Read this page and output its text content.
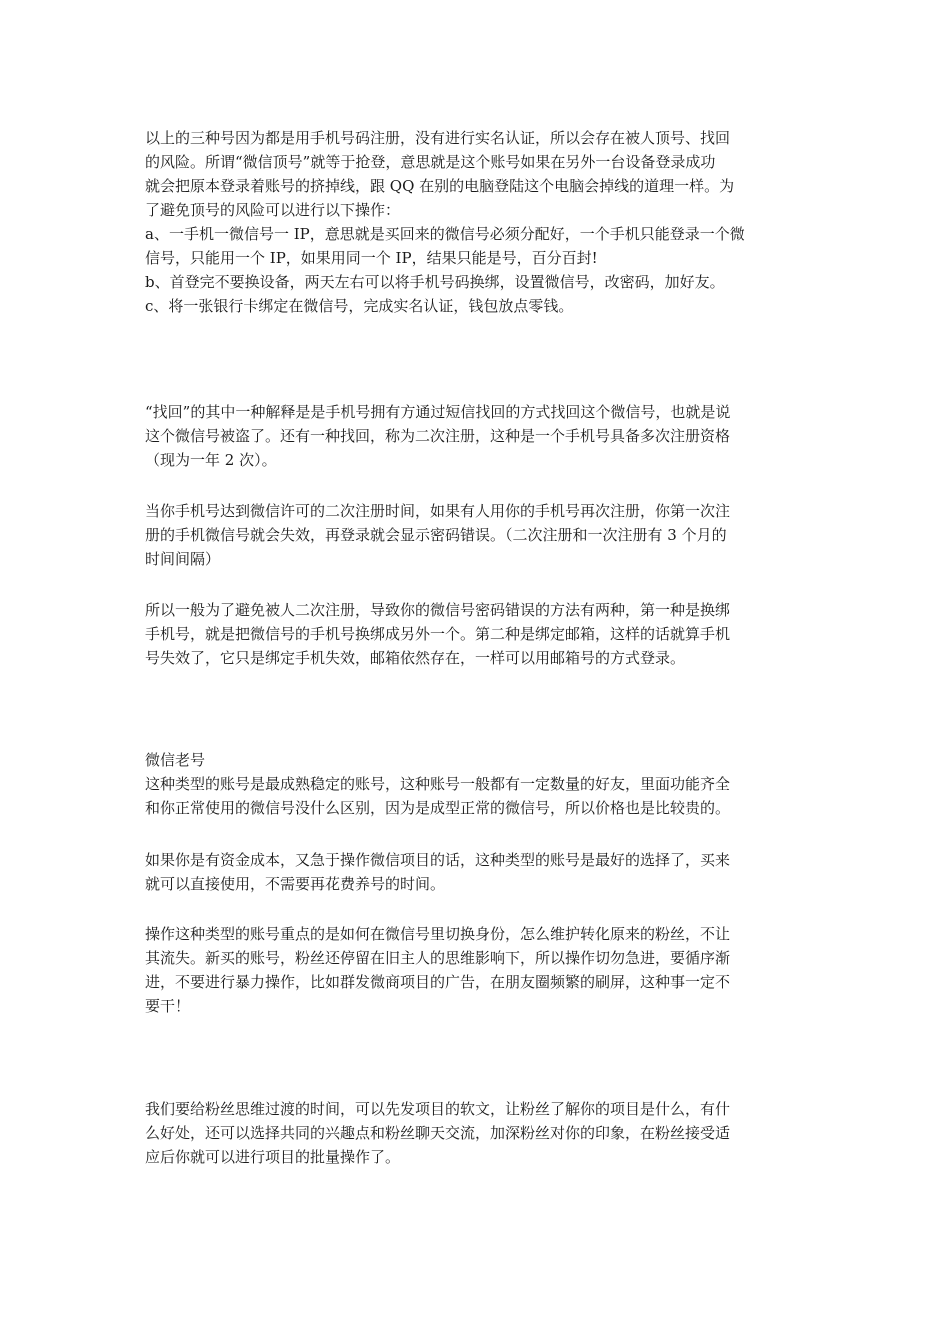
以上的三种号因为都是用手机号码注册，没有进行实名认证，所以会存在被人顶号、找回
的风险。所谓“微信顶号”就等于抢登，意思就是这个账号如果在另外一台设备登录成功
就会把原本登录着账号的挤掉线，跟 QQ 在别的电脑登陆这个电脑会掉线的道理一样。为
了避免顶号的风险可以进行以下操作：
a、一手机一微信号一 IP，意思就是买回来的微信号必须分配好，一个手机只能登录一个微
信号，只能用一个 IP，如果用同一个 IP，结果只能是号，百分百封!
b、首登完不要换设备，两天左右可以将手机号码换绑，设置微信号，改密码，加好友。
c、将一张银行卡绑定在微信号，完成实名认证，钱包放点零钱。
“找回”的其中一种解释是是手机号拥有方通过短信找回的方式找回这个微信号，也就是说
这个微信号被盗了。还有一种找回，称为二次注册，这种是一个手机号具备多次注册资格
（现为一年 2 次）。
当你手机号达到微信许可的二次注册时间，如果有人用你的手机号再次注册，你第一次注
册的手机微信号就会失效，再登录就会显示密码错误。（二次注册和一次注册有 3 个月的
时间间隔）
所以一般为了避免被人二次注册，导致你的微信号密码错误的方法有两种，第一种是换绑
手机号，就是把微信号的手机号换绑成另外一个。第二种是绑定邮箱，这样的话就算手机
号失效了，它只是绑定手机失效，邮箱依然存在，一样可以用邮箱号的方式登录。
微信老号
这种类型的账号是最成熟稳定的账号，这种账号一般都有一定数量的好友，里面功能齐全
和你正常使用的微信号没什么区别，因为是成型正常的微信号，所以价格也是比较贵的。
如果你是有资金成本，又急于操作微信项目的话，这种类型的账号是最好的选择了，买来
就可以直接使用，不需要再花费养号的时间。
操作这种类型的账号重点的是如何在微信号里切换身份，怎么维护转化原来的粉丝，不让
其流失。新买的账号，粉丝还停留在旧主人的思维影响下，所以操作切勿急进，要循序渐
进，不要进行暴力操作，比如群发微商项目的广告，在朋友圈频繁的刷屏，这种事一定不
要干！
我们要给粉丝思维过渡的时间，可以先发项目的软文，让粉丝了解你的项目是什么，有什
么好处，还可以选择共同的兴趣点和粉丝聊天交流，加深粉丝对你的印象，在粉丝接受适
应后你就可以进行项目的批量操作了。
